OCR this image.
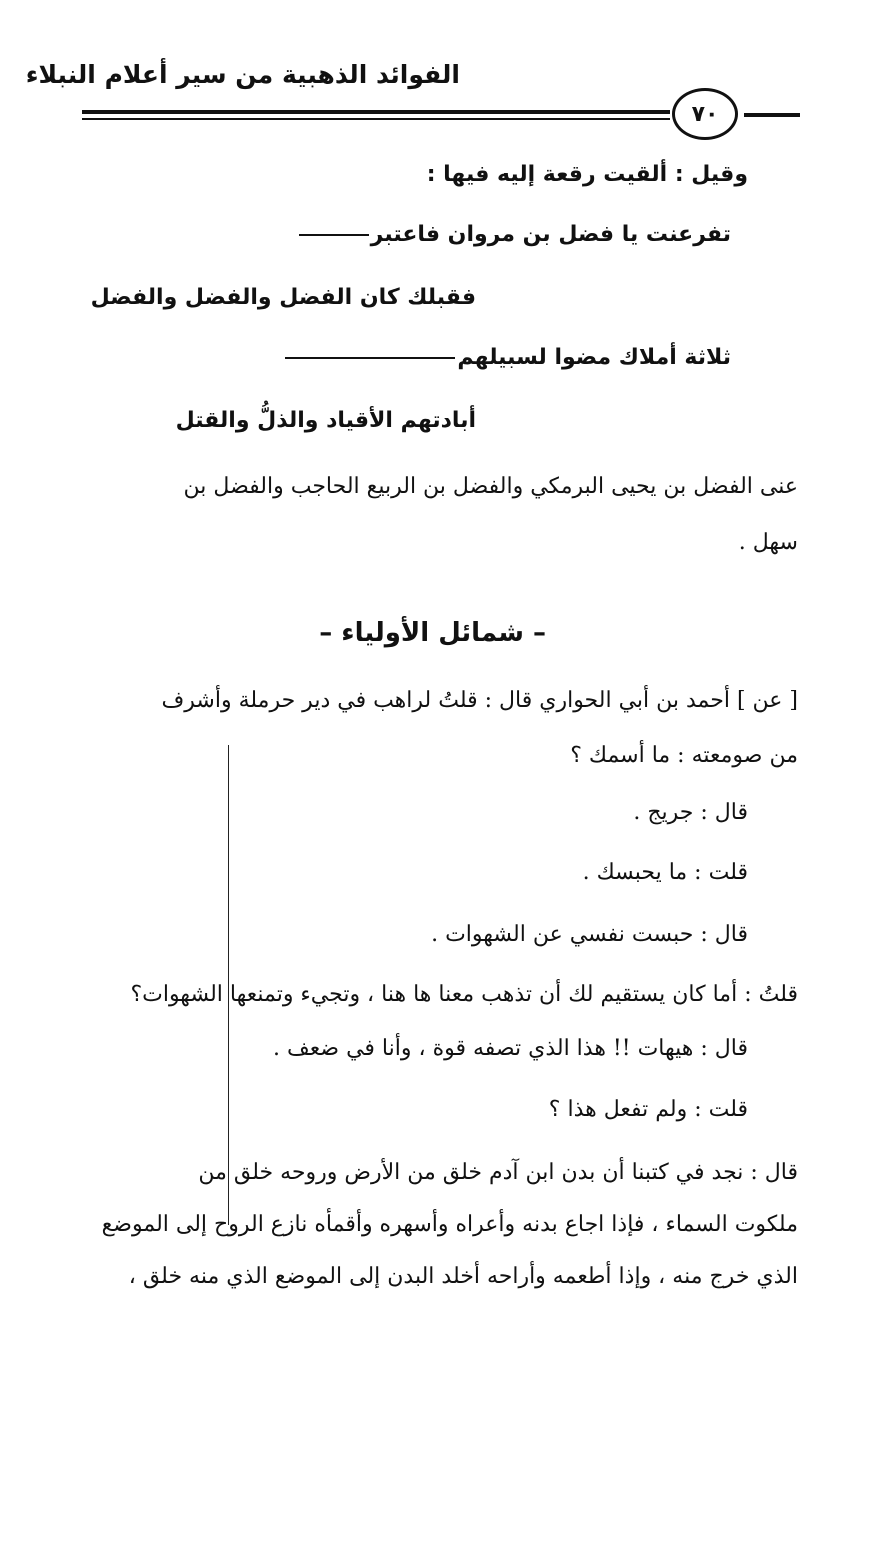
الفوائد الذهبية من سير أعلام النبلاء
٧٠
وقيل : ألقيت رقعة إليه فيها :
تفرعنت يا فضل بن مروان فاعتبر
فقبلك كان الفضل والفضل والفضل
ثلاثة أملاك مضوا لسبيلهم
أبادتهم الأقياد والذلُّ والقتل
عنى الفضل بن يحيى البرمكي والفضل بن الربيع الحاجب والفضل بن
سهل .
– شمائل الأولياء –
[ عن ] أحمد بن أبي الحواري قال : قلتُ لراهب في دير حرملة وأشرف
من صومعته : ما أسمك ؟
قال : جريج .
قلت : ما يحبسك .
قال : حبست نفسي عن الشهوات .
قلتُ : أما كان يستقيم لك أن تذهب معنا ها هنا ، وتجيء وتمنعها الشهوات؟
قال : هيهات !! هذا الذي تصفه قوة ، وأنا في ضعف .
قلت : ولم تفعل هذا ؟
قال : نجد في كتبنا أن بدن ابن آدم خلق من الأرض وروحه خلق من
ملكوت السماء ، فإذا اجاع بدنه وأعراه وأسهره وأقمأه نازع الروح إلى الموضع
الذي خرج منه ، وإذا أطعمه وأراحه أخلد البدن إلى الموضع الذي منه خلق ،
